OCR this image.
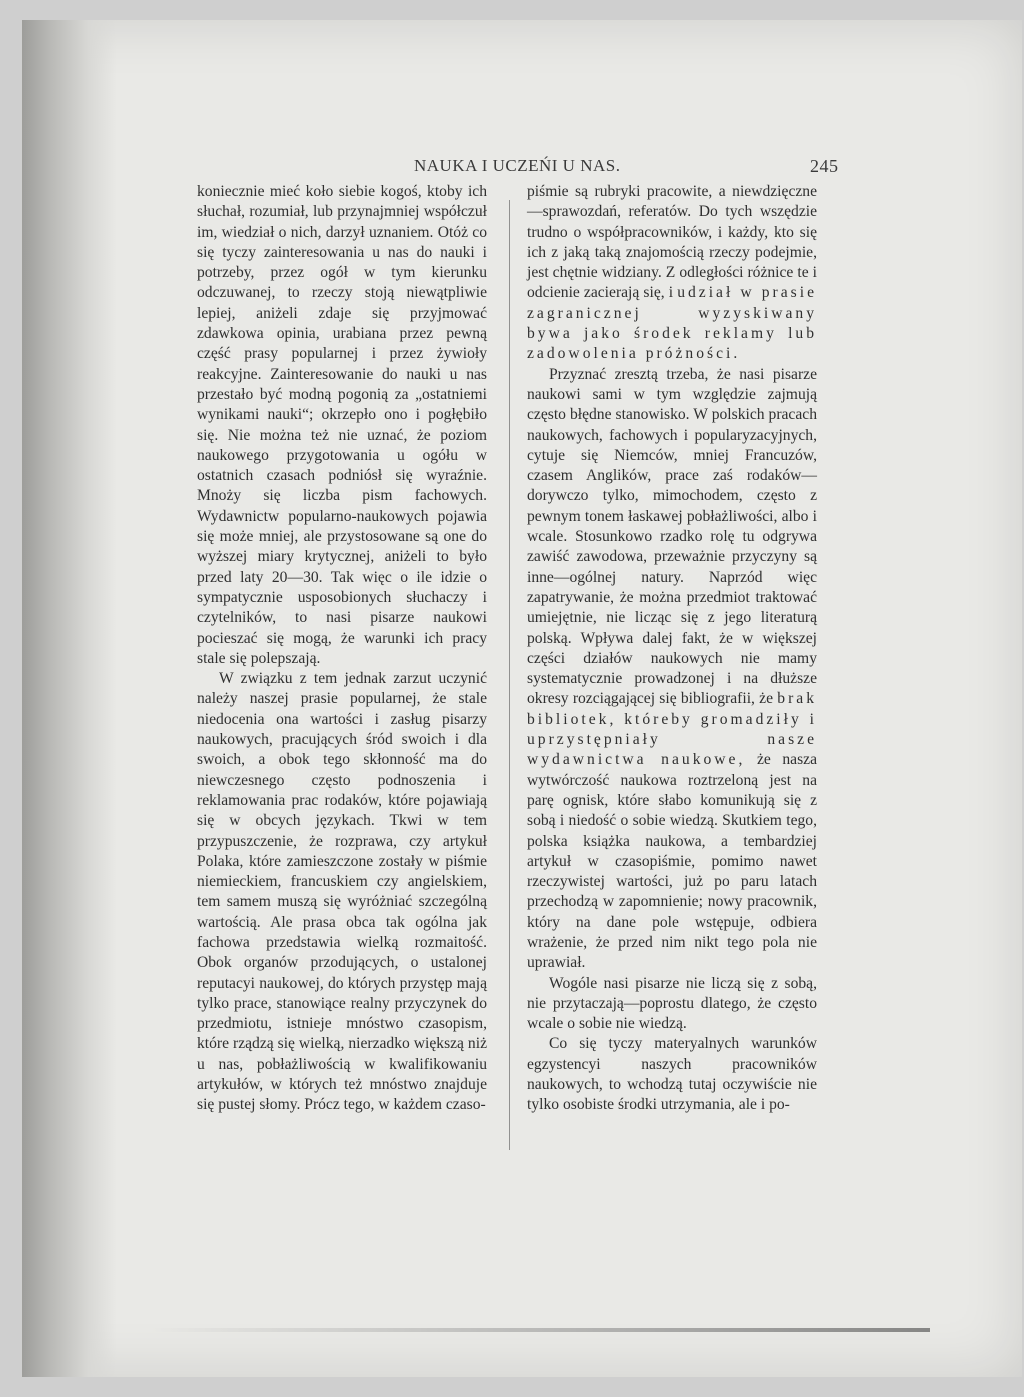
NAUKA I UCZEŃI U NAS.	245

koniecznie mieć koło siebie kogoś, ktoby ich słuchał, rozumiał, lub przynajmniej współczuł im, wiedział o nich, darzył uznaniem. Otóż co się tyczy zainteresowania u nas do nauki i potrzeby, przez ogół w tym kierunku odczuwanej, to rzeczy stoją niewątpliwie lepiej, aniżeli zdaje się przyjmować zdawkowa opinia, urabiana przez pewną część prasy popularnej i przez żywioły reakcyjne. Zainteresowanie do nauki u nas przestało być modną pogonią za „ostatniemi wynikami nauki“; okrzepło ono i pogłębiło się. Nie można też nie uznać, że poziom naukowego przygotowania u ogółu w ostatnich czasach podniósł się wyraźnie. Mnoży się liczba pism fachowych. Wydawnictw popularno-naukowych pojawia się może mniej, ale przystosowane są one do wyższej miary krytycznej, aniżeli to było przed laty 20—30. Tak więc o ile idzie o sympatycznie usposobionych słuchaczy i czytelników, to nasi pisarze naukowi pocieszać się mogą, że warunki ich pracy stale się polepszają.

W związku z tem jednak zarzut uczynić należy naszej prasie popularnej, że stale niedocenia ona wartości i zasług pisarzy naukowych, pracujących śród swoich i dla swoich, a obok tego skłonność ma do niewczesnego często podnoszenia i reklamowania prac rodaków, które pojawiają się w obcych językach. Tkwi w tem przypuszczenie, że rozprawa, czy artykuł Polaka, które zamieszczone zostały w piśmie niemieckiem, francuskiem czy angielskiem, tem samem muszą się wyróżniać szczególną wartością. Ale prasa obca tak ogólna jak fachowa przedstawia wielką rozmaitość. Obok organów przodujących, o ustalonej reputacyi naukowej, do których przystęp mają tylko prace, stanowiące realny przyczynek do przedmiotu, istnieje mnóstwo czasopism, które rządzą się wielką, nierzadko większą niż u nas, pobłażliwością w kwalifikowaniu artykułów, w których też mnóstwo znajduje się pustej słomy. Prócz tego, w każdem czaso-

piśmie są rubryki pracowite, a niewdzięczne—sprawozdań, referatów. Do tych wszędzie trudno o współpracowników, i każdy, kto się ich z jaką taką znajomością rzeczy podejmie, jest chętnie widziany. Z odległości różnice te i odcienie zacierają się, i udział w prasie zagranicznej wyzyskiwany bywa jako środek reklamy lub zadowolenia próżności.

Przyznać zresztą trzeba, że nasi pisarze naukowi sami w tym względzie zajmują często błędne stanowisko. W polskich pracach naukowych, fachowych i popularyzacyjnych, cytuje się Niemców, mniej Francuzów, czasem Anglików, prace zaś rodaków—dorywczo tylko, mimochodem, często z pewnym tonem łaskawej pobłażliwości, albo i wcale. Stosunkowo rzadko rolę tu odgrywa zawiść zawodowa, przeważnie przyczyny są inne—ogólnej natury. Naprzód więc zapatrywanie, że można przedmiot traktować umiejętnie, nie licząc się z jego literaturą polską. Wpływa dalej fakt, że w większej części działów naukowych nie mamy systematycznie prowadzonej i na dłuższe okresy rozciągającej się bibliografii, że brak bibliotek, któreby gromadziły i uprzystępniały nasze wydawnictwa naukowe, że nasza wytwórczość naukowa roztrzeloną jest na parę ognisk, które słabo komunikują się z sobą i niedość o sobie wiedzą. Skutkiem tego, polska książka naukowa, a tembardziej artykuł w czasopiśmie, pomimo nawet rzeczywistej wartości, już po paru latach przechodzą w zapomnienie; nowy pracownik, który na dane pole wstępuje, odbiera wrażenie, że przed nim nikt tego pola nie uprawiał.

Wogóle nasi pisarze nie liczą się z sobą, nie przytaczają—poprostu dlatego, że często wcale o sobie nie wiedzą.

Co się tyczy materyalnych warunków egzystencyi naszych pracowników naukowych, to wchodzą tutaj oczywiście nie tylko osobiste środki utrzymania, ale i po-
